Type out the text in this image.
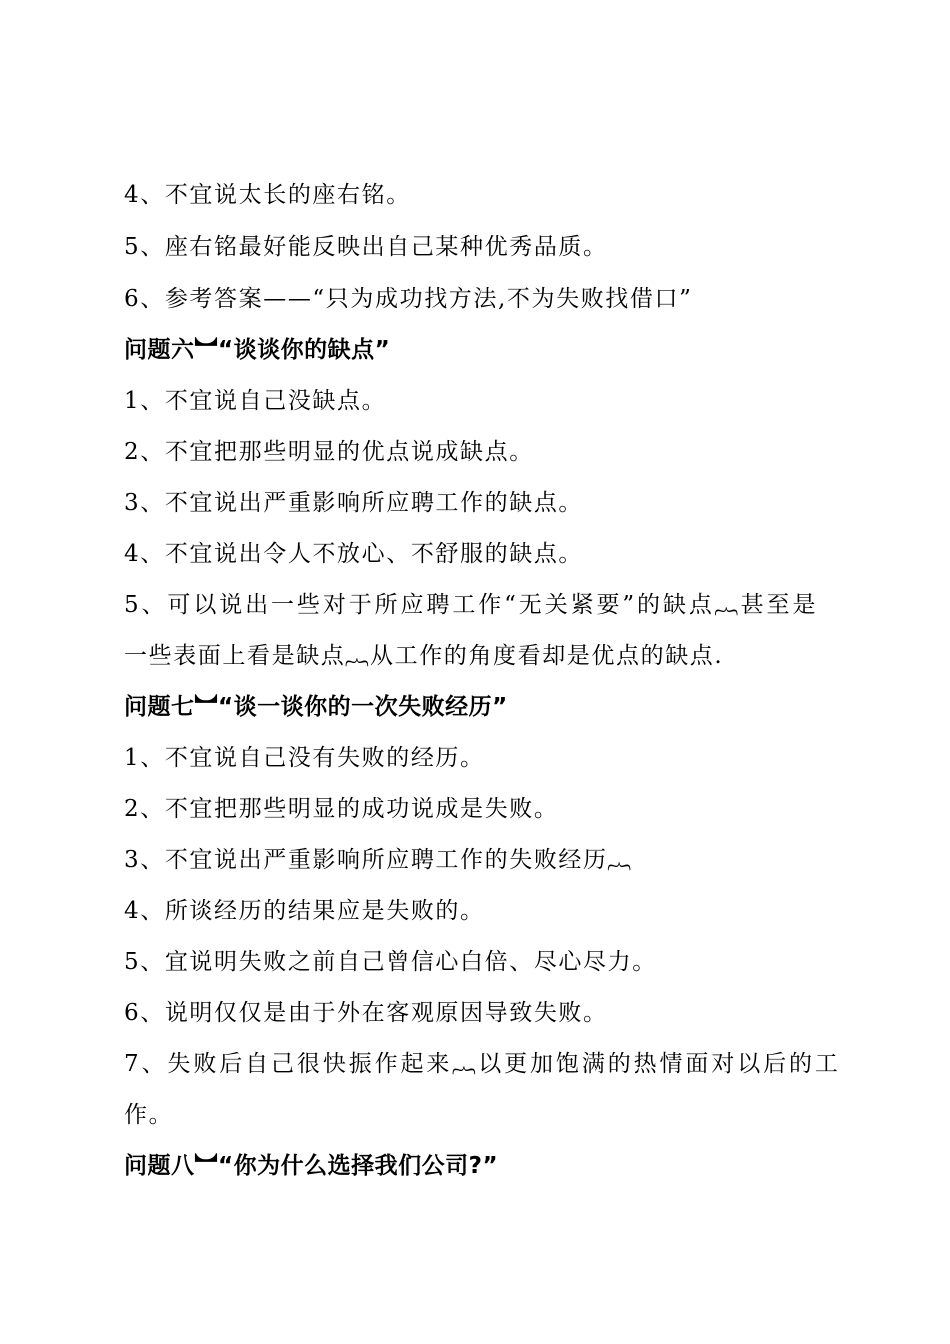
4、不宜说太长的座右铭。
5、座右铭最好能反映出自己某种优秀品质。
6、参考答案——“只为成功找方法,不为失败找借口”
问题六︼“谈谈你的缺点”
1、不宜说自己没缺点。
2、不宜把那些明显的优点说成缺点。
3、不宜说出严重影响所应聘工作的缺点。
4、不宜说出令人不放心、不舒服的缺点。
5、可以说出一些对于所应聘工作“无关紧要”的缺点︷甚至是
一些表面上看是缺点︷从工作的角度看却是优点的缺点.
问题七︼“谈一谈你的一次失败经历”
1、不宜说自己没有失败的经历。
2、不宜把那些明显的成功说成是失败。
3、不宜说出严重影响所应聘工作的失败经历︷
4、所谈经历的结果应是失败的。
5、宜说明失败之前自己曾信心白倍、尽心尽力。
6、说明仅仅是由于外在客观原因导致失败。
7、失败后自己很快振作起来︷以更加饱满的热情面对以后的工
作。
问题八︼“你为什么选择我们公司?”
